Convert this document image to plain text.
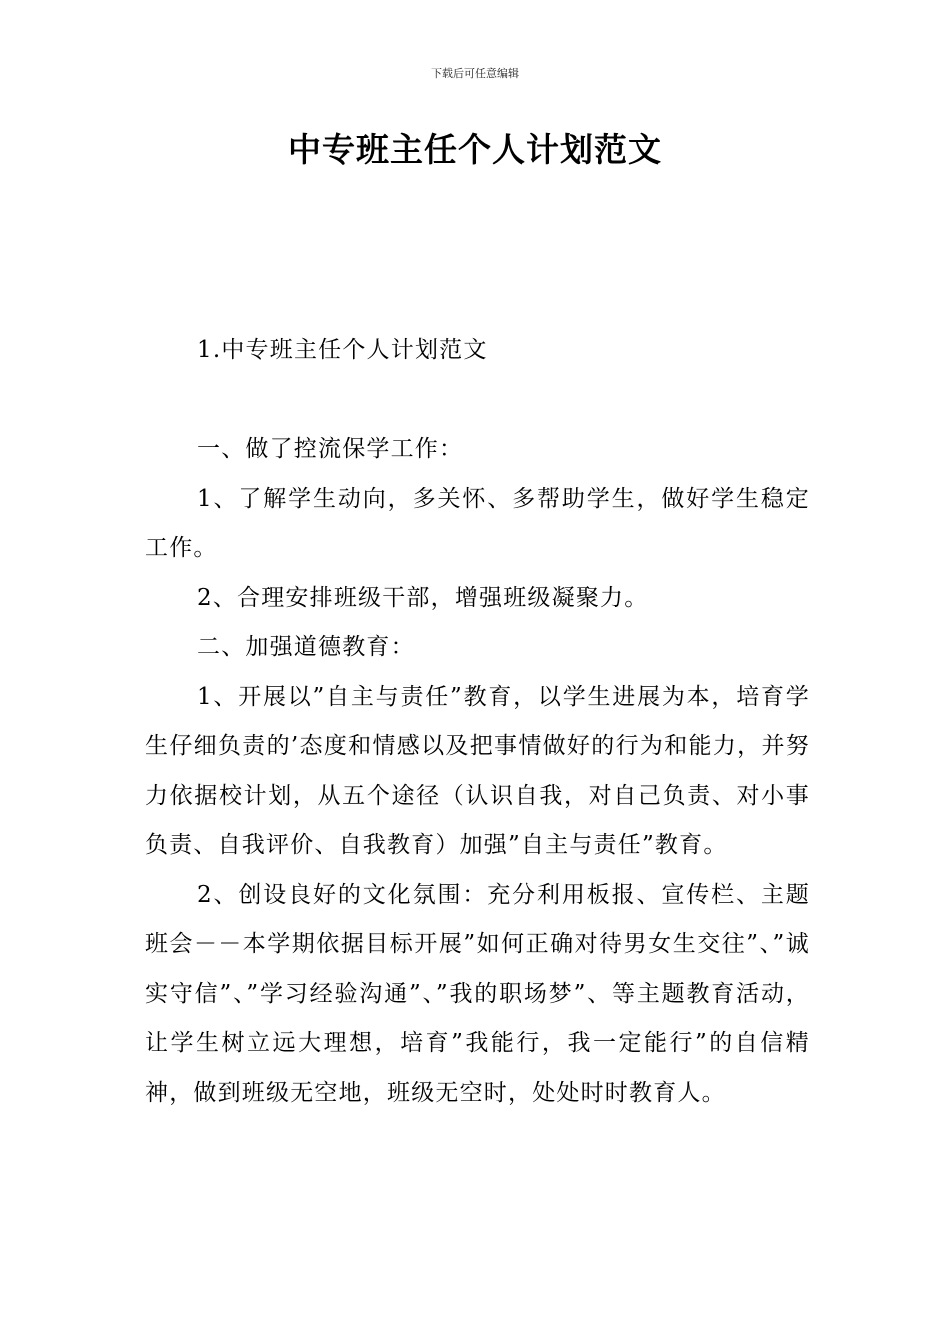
下载后可任意编辑
中专班主任个人计划范文

1.中专班主任个人计划范文

一、做了控流保学工作：

1、了解学生动向，多关怀、多帮助学生，做好学生稳定工作。

2、合理安排班级干部，增强班级凝聚力。

二、加强道德教育：

1、开展以”自主与责任”教育，以学生进展为本，培育学生仔细负责的’态度和情感以及把事情做好的行为和能力，并努力依据校计划，从五个途径（认识自我，对自己负责、对小事负责、自我评价、自我教育）加强”自主与责任”教育。

2、创设良好的文化氛围：充分利用板报、宣传栏、主题班会－－本学期依据目标开展”如何正确对待男女生交往”、”诚实守信”、”学习经验沟通”、”我的职场梦”、等主题教育活动，让学生树立远大理想，培育”我能行，我一定能行”的自信精神，做到班级无空地，班级无空时，处处时时教育人。
